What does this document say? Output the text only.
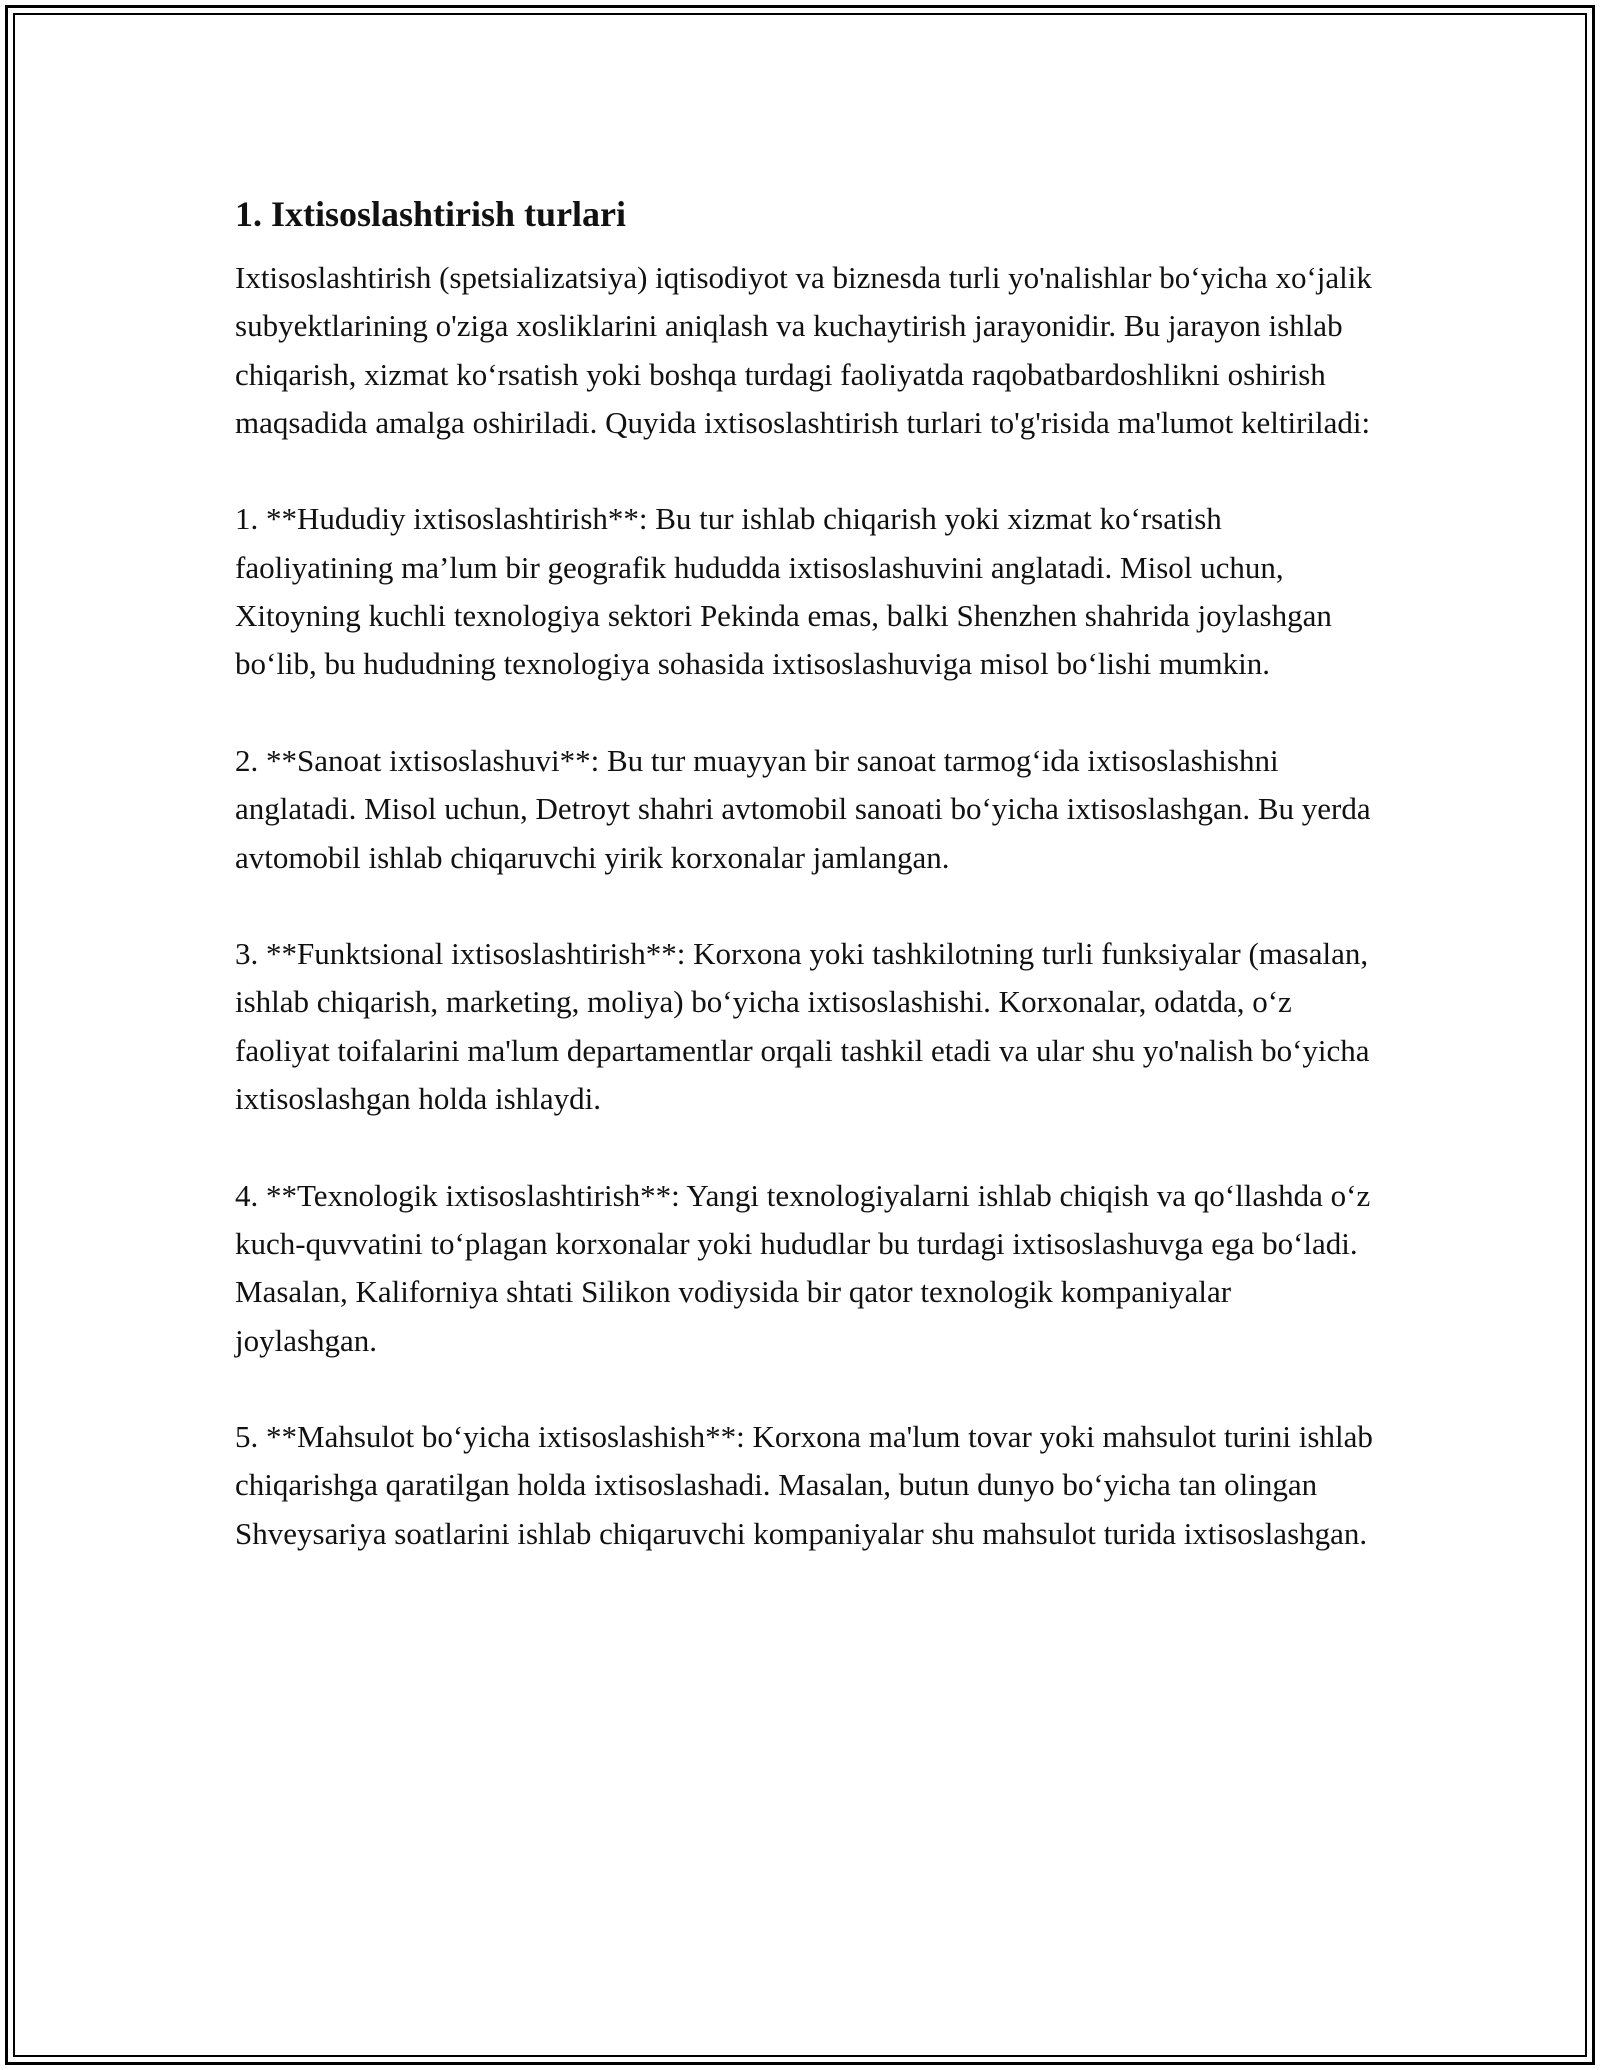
1. Ixtisoslashtirish turlari

Ixtisoslashtirish (spetsializatsiya) iqtisodiyot va biznesda turli yo'nalishlar bo‘yicha xo‘jalik subyektlarining o'ziga xosliklarini aniqlash va kuchaytirish jarayonidir. Bu jarayon ishlab chiqarish, xizmat ko‘rsatish yoki boshqa turdagi faoliyatda raqobatbardoshlikni oshirish maqsadida amalga oshiriladi. Quyida ixtisoslashtirish turlari to'g'risida ma'lumot keltiriladi:

1. **Hududiy ixtisoslashtirish**: Bu tur ishlab chiqarish yoki xizmat ko‘rsatish faoliyatining ma’lum bir geografik hududda ixtisoslashuvini anglatadi. Misol uchun, Xitoyning kuchli texnologiya sektori Pekinda emas, balki Shenzhen shahrida joylashgan bo‘lib, bu hududning texnologiya sohasida ixtisoslashuviga misol bo‘lishi mumkin.

2. **Sanoat ixtisoslashuvi**: Bu tur muayyan bir sanoat tarmog‘ida ixtisoslashishni anglatadi. Misol uchun, Detroyt shahri avtomobil sanoati bo‘yicha ixtisoslashgan. Bu yerda avtomobil ishlab chiqaruvchi yirik korxonalar jamlangan.

3. **Funktsional ixtisoslashtirish**: Korxona yoki tashkilotning turli funksiyalar (masalan, ishlab chiqarish, marketing, moliya) bo‘yicha ixtisoslashishi. Korxonalar, odatda, o‘z faoliyat toifalarini ma'lum departamentlar orqali tashkil etadi va ular shu yo'nalish bo‘yicha ixtisoslashgan holda ishlaydi.

4. **Texnologik ixtisoslashtirish**: Yangi texnologiyalarni ishlab chiqish va qo‘llashda o‘z kuch-quvvatini to‘plagan korxonalar yoki hududlar bu turdagi ixtisoslashuvga ega bo‘ladi. Masalan, Kaliforniya shtati Silikon vodiysida bir qator texnologik kompaniyalar joylashgan.

5. **Mahsulot bo‘yicha ixtisoslashish**: Korxona ma'lum tovar yoki mahsulot turini ishlab chiqarishga qaratilgan holda ixtisoslashadi. Masalan, butun dunyo bo‘yicha tan olingan Shveysariya soatlarini ishlab chiqaruvchi kompaniyalar shu mahsulot turida ixtisoslashgan.
